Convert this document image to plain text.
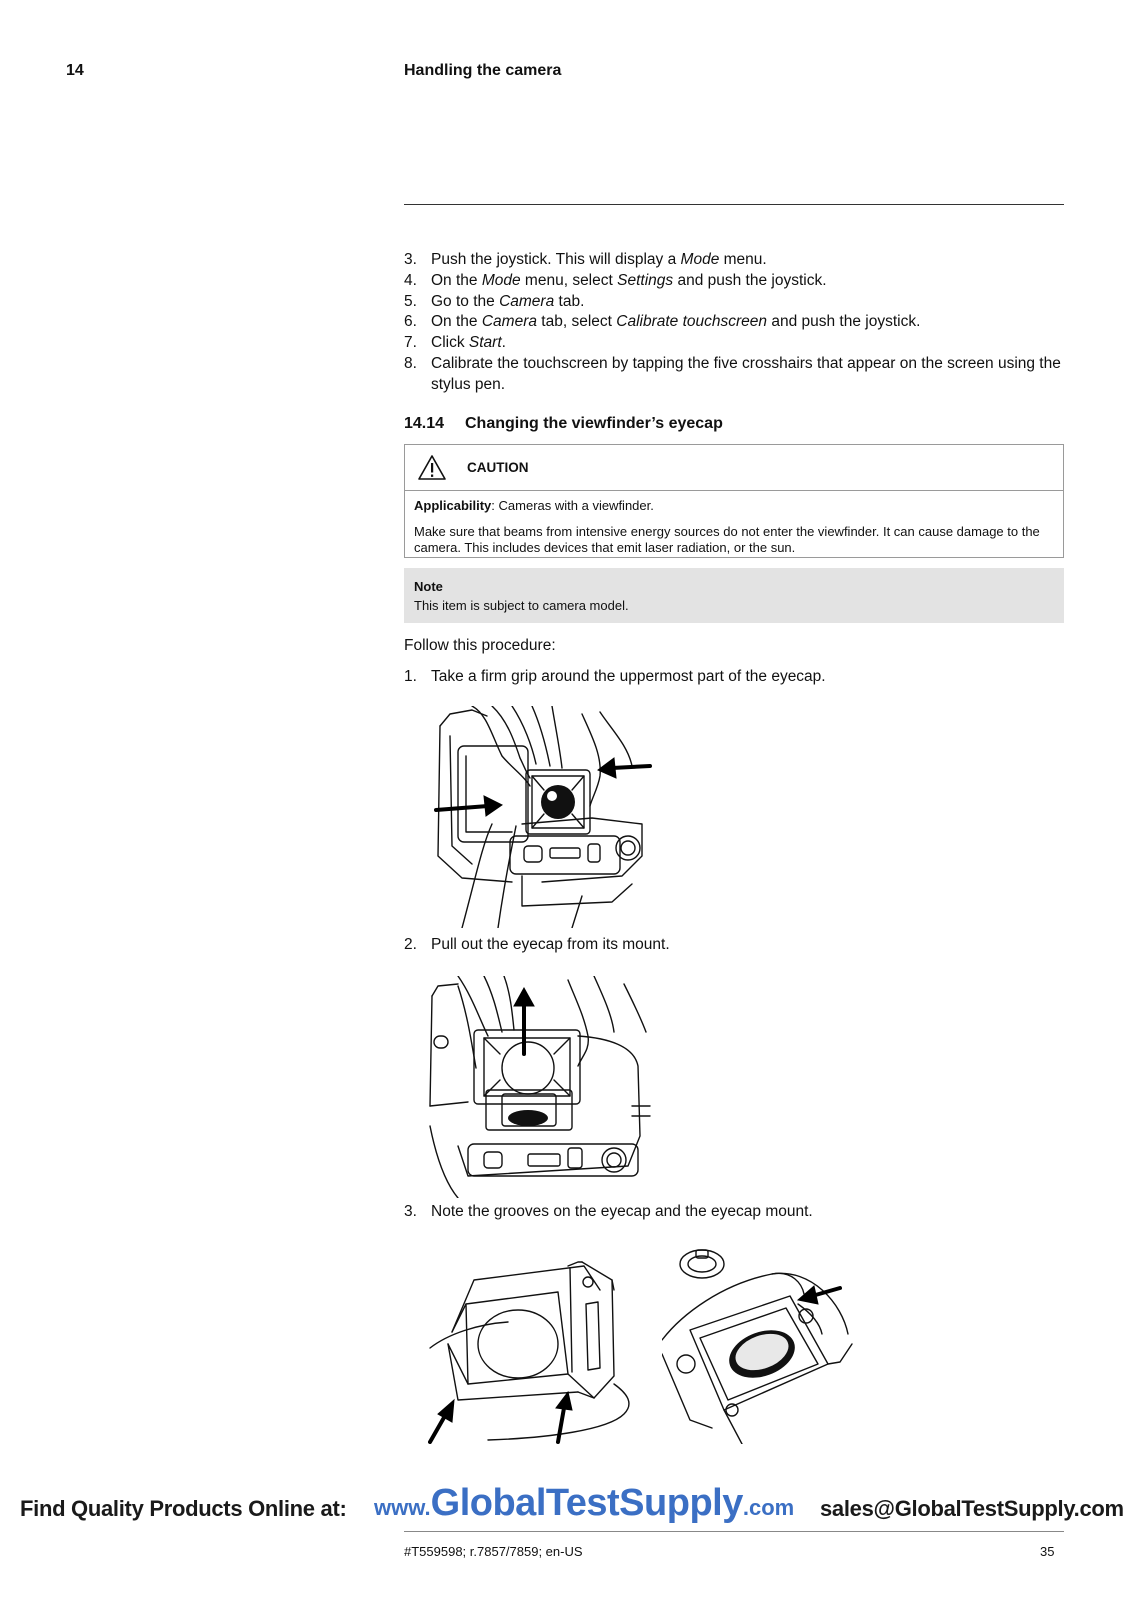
14	Handling the camera
3. Push the joystick. This will display a Mode menu.
4. On the Mode menu, select Settings and push the joystick.
5. Go to the Camera tab.
6. On the Camera tab, select Calibrate touchscreen and push the joystick.
7. Click Start.
8. Calibrate the touchscreen by tapping the five crosshairs that appear on the screen using the stylus pen.
14.14 Changing the viewfinder’s eyecap
CAUTION

Applicability: Cameras with a viewfinder.

Make sure that beams from intensive energy sources do not enter the viewfinder. It can cause damage to the camera. This includes devices that emit laser radiation, or the sun.

Note
This item is subject to camera model.
Follow this procedure:
1. Take a firm grip around the uppermost part of the eyecap.
2. Pull out the eyecap from its mount.
3. Note the grooves on the eyecap and the eyecap mount.
Find Quality Products Online at: www.GlobalTestSupply.com sales@GlobalTestSupply.com
#T559598; r.7857/7859; en-US	35
